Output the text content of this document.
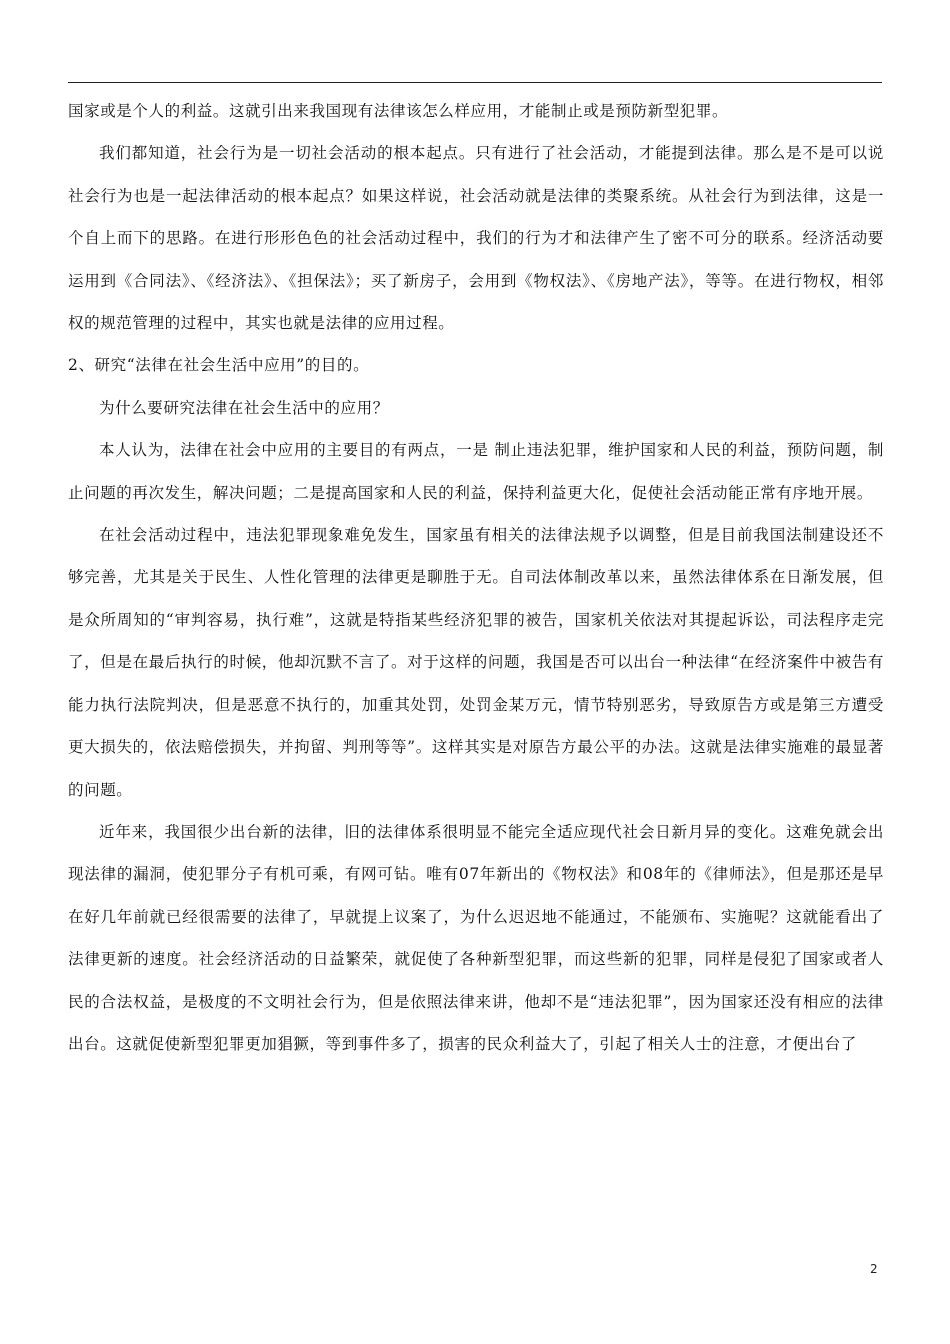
国家或是个人的利益。这就引出来我国现有法律该怎么样应用，才能制止或是预防新型犯罪。

我们都知道，社会行为是一切社会活动的根本起点。只有进行了社会活动，才能提到法律。那么是不是可以说社会行为也是一起法律活动的根本起点？如果这样说，社会活动就是法律的类聚系统。从社会行为到法律，这是一个自上而下的思路。在进行形形色色的社会活动过程中，我们的行为才和法律产生了密不可分的联系。经济活动要运用到《合同法》、《经济法》、《担保法》；买了新房子，会用到《物权法》、《房地产法》，等等。在进行物权，相邻权的规范管理的过程中，其实也就是法律的应用过程。

2、研究“法律在社会生活中应用”的目的。

为什么要研究法律在社会生活中的应用？

本人认为，法律在社会中应用的主要目的有两点，一是 制止违法犯罪，维护国家和人民的利益，预防问题，制止问题的再次发生，解决问题；二是提高国家和人民的利益，保持利益更大化，促使社会活动能正常有序地开展。

在社会活动过程中，违法犯罪现象难免发生，国家虽有相关的法律法规予以调整，但是目前我国法制建设还不够完善，尤其是关于民生、人性化管理的法律更是聊胜于无。自司法体制改革以来，虽然法律体系在日渐发展，但是众所周知的“审判容易，执行难”，这就是特指某些经济犯罪的被告，国家机关依法对其提起诉讼，司法程序走完了，但是在最后执行的时候，他却沉默不言了。对于这样的问题，我国是否可以出台一种法律“在经济案件中被告有能力执行法院判决，但是恶意不执行的，加重其处罚，处罚金某万元，情节特别恶劣，导致原告方或是第三方遭受更大损失的，依法赔偿损失，并拘留、判刑等等”。这样其实是对原告方最公平的办法。这就是法律实施难的最显著的问题。

近年来，我国很少出台新的法律，旧的法律体系很明显不能完全适应现代社会日新月异的变化。这难免就会出现法律的漏洞，使犯罪分子有机可乘，有网可钻。唯有07年新出的《物权法》和08年的《律师法》，但是那还是早在好几年前就已经很需要的法律了，早就提上议案了，为什么迟迟地不能通过，不能颁布、实施呢？这就能看出了法律更新的速度。社会经济活动的日益繁荣，就促使了各种新型犯罪，而这些新的犯罪，同样是侵犯了国家或者人民的合法权益，是极度的不文明社会行为，但是依照法律来讲，他却不是“违法犯罪”，因为国家还没有相应的法律出台。这就促使新型犯罪更加猖獗，等到事件多了，损害的民众利益大了，引起了相关人士的注意，才便出台了

2
